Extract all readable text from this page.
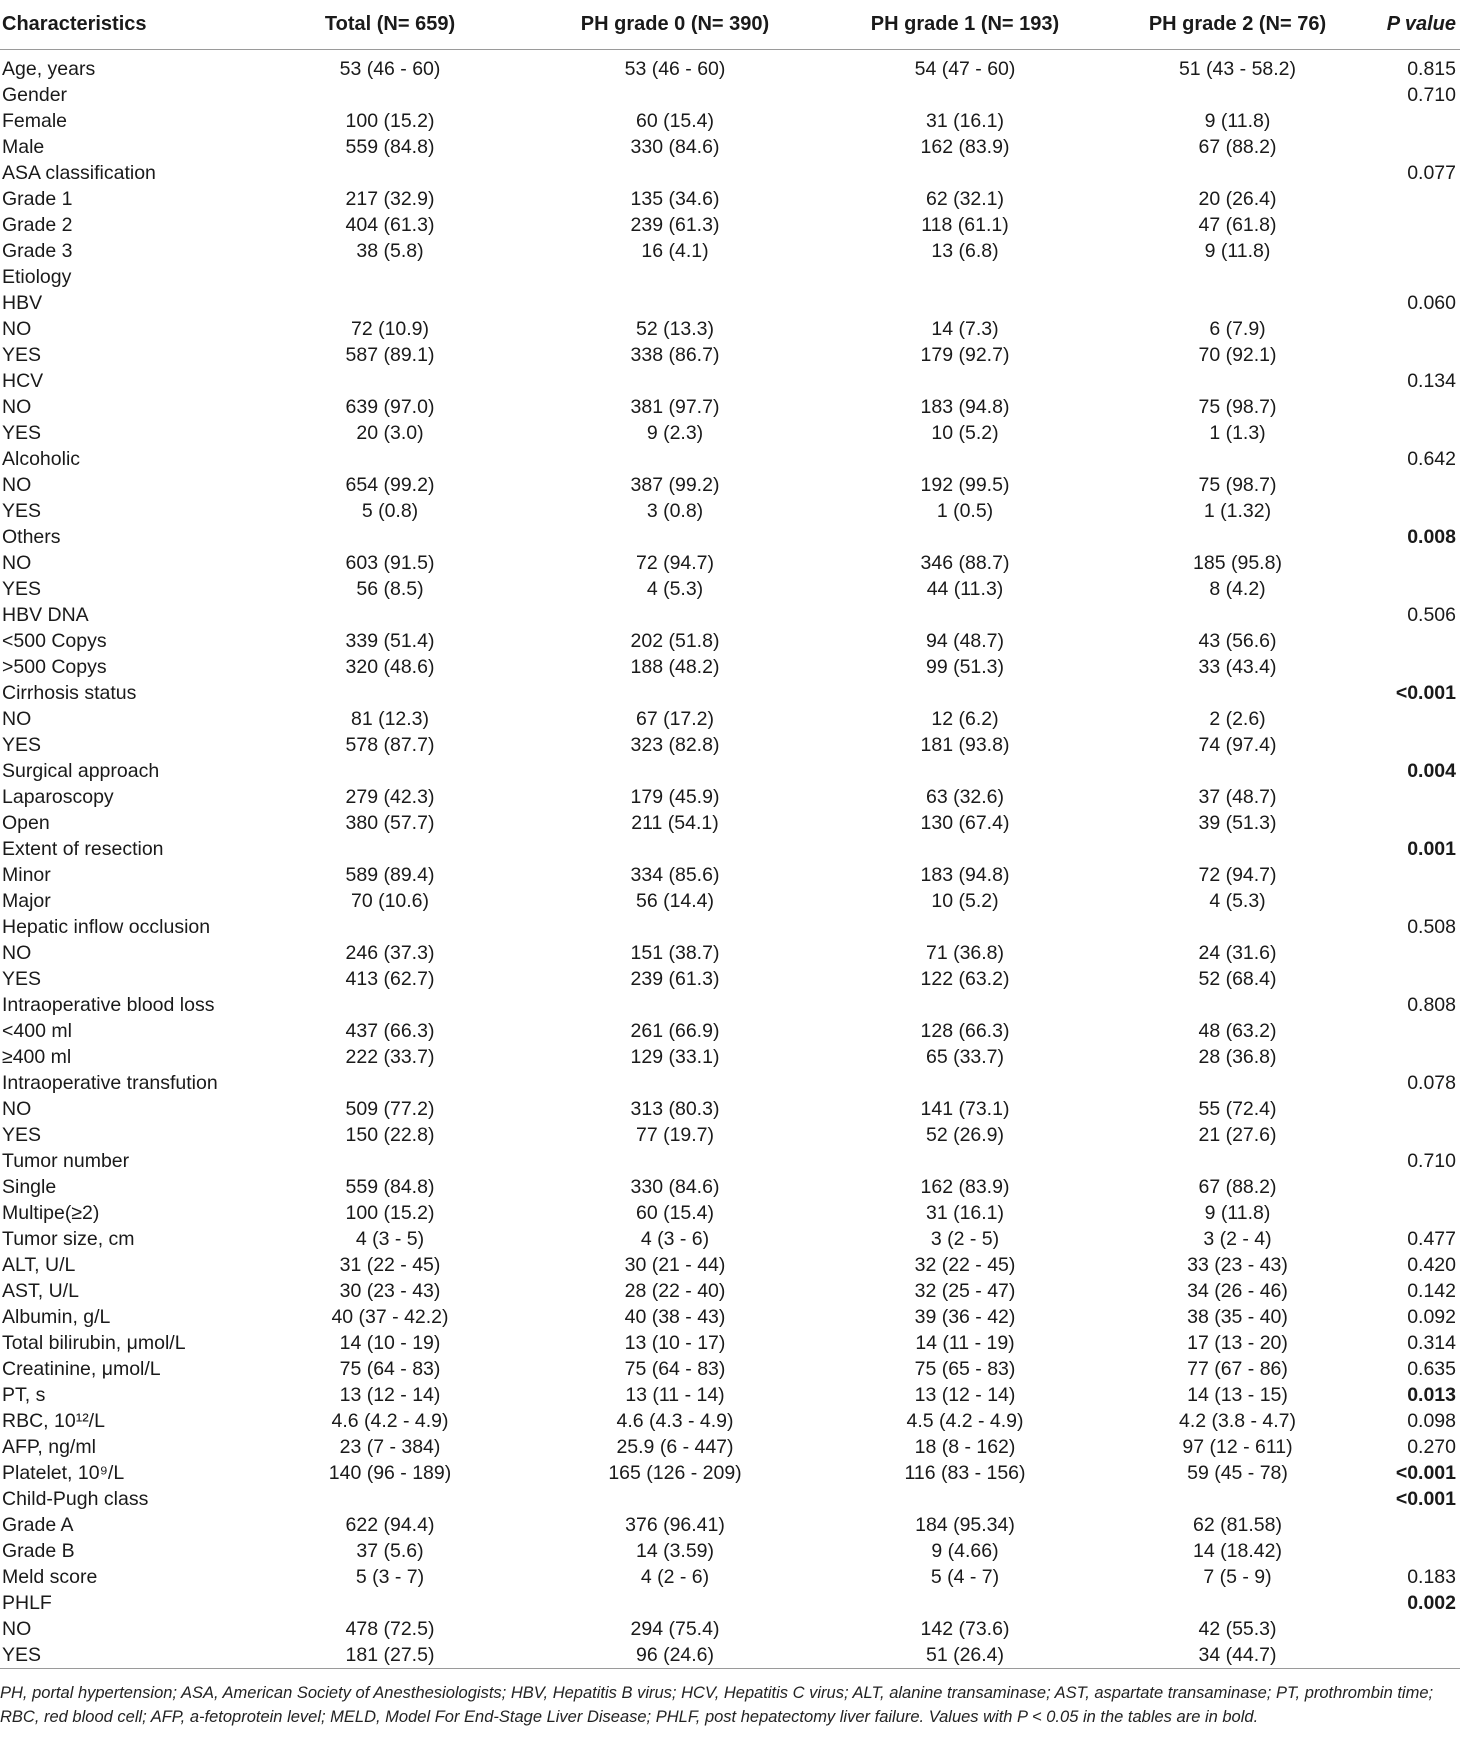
Characteristics	Total (N= 659)	PH grade 0 (N= 390)	PH grade 1 (N= 193)	PH grade 2 (N= 76)	P value

Age, years	53 (46 - 60)	53 (46 - 60)	54 (47 - 60)	51 (43 - 58.2)	0.815
Gender					0.710
Female	100 (15.2)	60 (15.4)	31 (16.1)	9 (11.8)	
Male	559 (84.8)	330 (84.6)	162 (83.9)	67 (88.2)	
ASA classification					0.077
Grade 1	217 (32.9)	135 (34.6)	62 (32.1)	20 (26.4)	
Grade 2	404 (61.3)	239 (61.3)	118 (61.1)	47 (61.8)	
Grade 3	38 (5.8)	16 (4.1)	13 (6.8)	9 (11.8)	
Etiology					
HBV					0.060
NO	72 (10.9)	52 (13.3)	14 (7.3)	6 (7.9)	
YES	587 (89.1)	338 (86.7)	179 (92.7)	70 (92.1)	
HCV					0.134
NO	639 (97.0)	381 (97.7)	183 (94.8)	75 (98.7)	
YES	20 (3.0)	9 (2.3)	10 (5.2)	1 (1.3)	
Alcoholic					0.642
NO	654 (99.2)	387 (99.2)	192 (99.5)	75 (98.7)	
YES	5 (0.8)	3 (0.8)	1 (0.5)	1 (1.32)	
Others					0.008
NO	603 (91.5)	72 (94.7)	346 (88.7)	185 (95.8)	
YES	56 (8.5)	4 (5.3)	44 (11.3)	8 (4.2)	
HBV DNA					0.506
<500 Copys	339 (51.4)	202 (51.8)	94 (48.7)	43 (56.6)	
>500 Copys	320 (48.6)	188 (48.2)	99 (51.3)	33 (43.4)	
Cirrhosis status					<0.001
NO	81 (12.3)	67 (17.2)	12 (6.2)	2 (2.6)	
YES	578 (87.7)	323 (82.8)	181 (93.8)	74 (97.4)	
Surgical approach					0.004
Laparoscopy	279 (42.3)	179 (45.9)	63 (32.6)	37 (48.7)	
Open	380 (57.7)	211 (54.1)	130 (67.4)	39 (51.3)	
Extent of resection					0.001
Minor	589 (89.4)	334 (85.6)	183 (94.8)	72 (94.7)	
Major	70 (10.6)	56 (14.4)	10 (5.2)	4 (5.3)	
Hepatic inflow occlusion					0.508
NO	246 (37.3)	151 (38.7)	71 (36.8)	24 (31.6)	
YES	413 (62.7)	239 (61.3)	122 (63.2)	52 (68.4)	
Intraoperative blood loss					0.808
<400 ml	437 (66.3)	261 (66.9)	128 (66.3)	48 (63.2)	
≥400 ml	222 (33.7)	129 (33.1)	65 (33.7)	28 (36.8)	
Intraoperative transfution					0.078
NO	509 (77.2)	313 (80.3)	141 (73.1)	55 (72.4)	
YES	150 (22.8)	77 (19.7)	52 (26.9)	21 (27.6)	
Tumor number					0.710
Single	559 (84.8)	330 (84.6)	162 (83.9)	67 (88.2)	
Multipe(≥2)	100 (15.2)	60 (15.4)	31 (16.1)	9 (11.8)	
Tumor size, cm	4 (3 - 5)	4 (3 - 6)	3 (2 - 5)	3 (2 - 4)	0.477
ALT, U/L	31 (22 - 45)	30 (21 - 44)	32 (22 - 45)	33 (23 - 43)	0.420
AST, U/L	30 (23 - 43)	28 (22 - 40)	32 (25 - 47)	34 (26 - 46)	0.142
Albumin, g/L	40 (37 - 42.2)	40 (38 - 43)	39 (36 - 42)	38 (35 - 40)	0.092
Total bilirubin, μmol/L	14 (10 - 19)	13 (10 - 17)	14 (11 - 19)	17 (13 - 20)	0.314
Creatinine, μmol/L	75 (64 - 83)	75 (64 - 83)	75 (65 - 83)	77 (67 - 86)	0.635
PT, s	13 (12 - 14)	13 (11 - 14)	13 (12 - 14)	14 (13 - 15)	0.013
RBC, 10¹²/L	4.6 (4.2 - 4.9)	4.6 (4.3 - 4.9)	4.5 (4.2 - 4.9)	4.2 (3.8 - 4.7)	0.098
AFP, ng/ml	23 (7 - 384)	25.9 (6 - 447)	18 (8 - 162)	97 (12 - 611)	0.270
Platelet, 10⁹/L	140 (96 - 189)	165 (126 - 209)	116 (83 - 156)	59 (45 - 78)	<0.001
Child-Pugh class					<0.001
Grade A	622 (94.4)	376 (96.41)	184 (95.34)	62 (81.58)	
Grade B	37 (5.6)	14 (3.59)	9 (4.66)	14 (18.42)	
Meld score	5 (3 - 7)	4 (2 - 6)	5 (4 - 7)	7 (5 - 9)	0.183
PHLF					0.002
NO	478 (72.5)	294 (75.4)	142 (73.6)	42 (55.3)	
YES	181 (27.5)	96 (24.6)	51 (26.4)	34 (44.7)	
PH, portal hypertension; ASA, American Society of Anesthesiologists; HBV, Hepatitis B virus; HCV, Hepatitis C virus; ALT, alanine transaminase; AST, aspartate transaminase; PT, prothrombin time; RBC, red blood cell; AFP, a-fetoprotein level; MELD, Model For End-Stage Liver Disease; PHLF, post hepatectomy liver failure. Values with P < 0.05 in the tables are in bold.
